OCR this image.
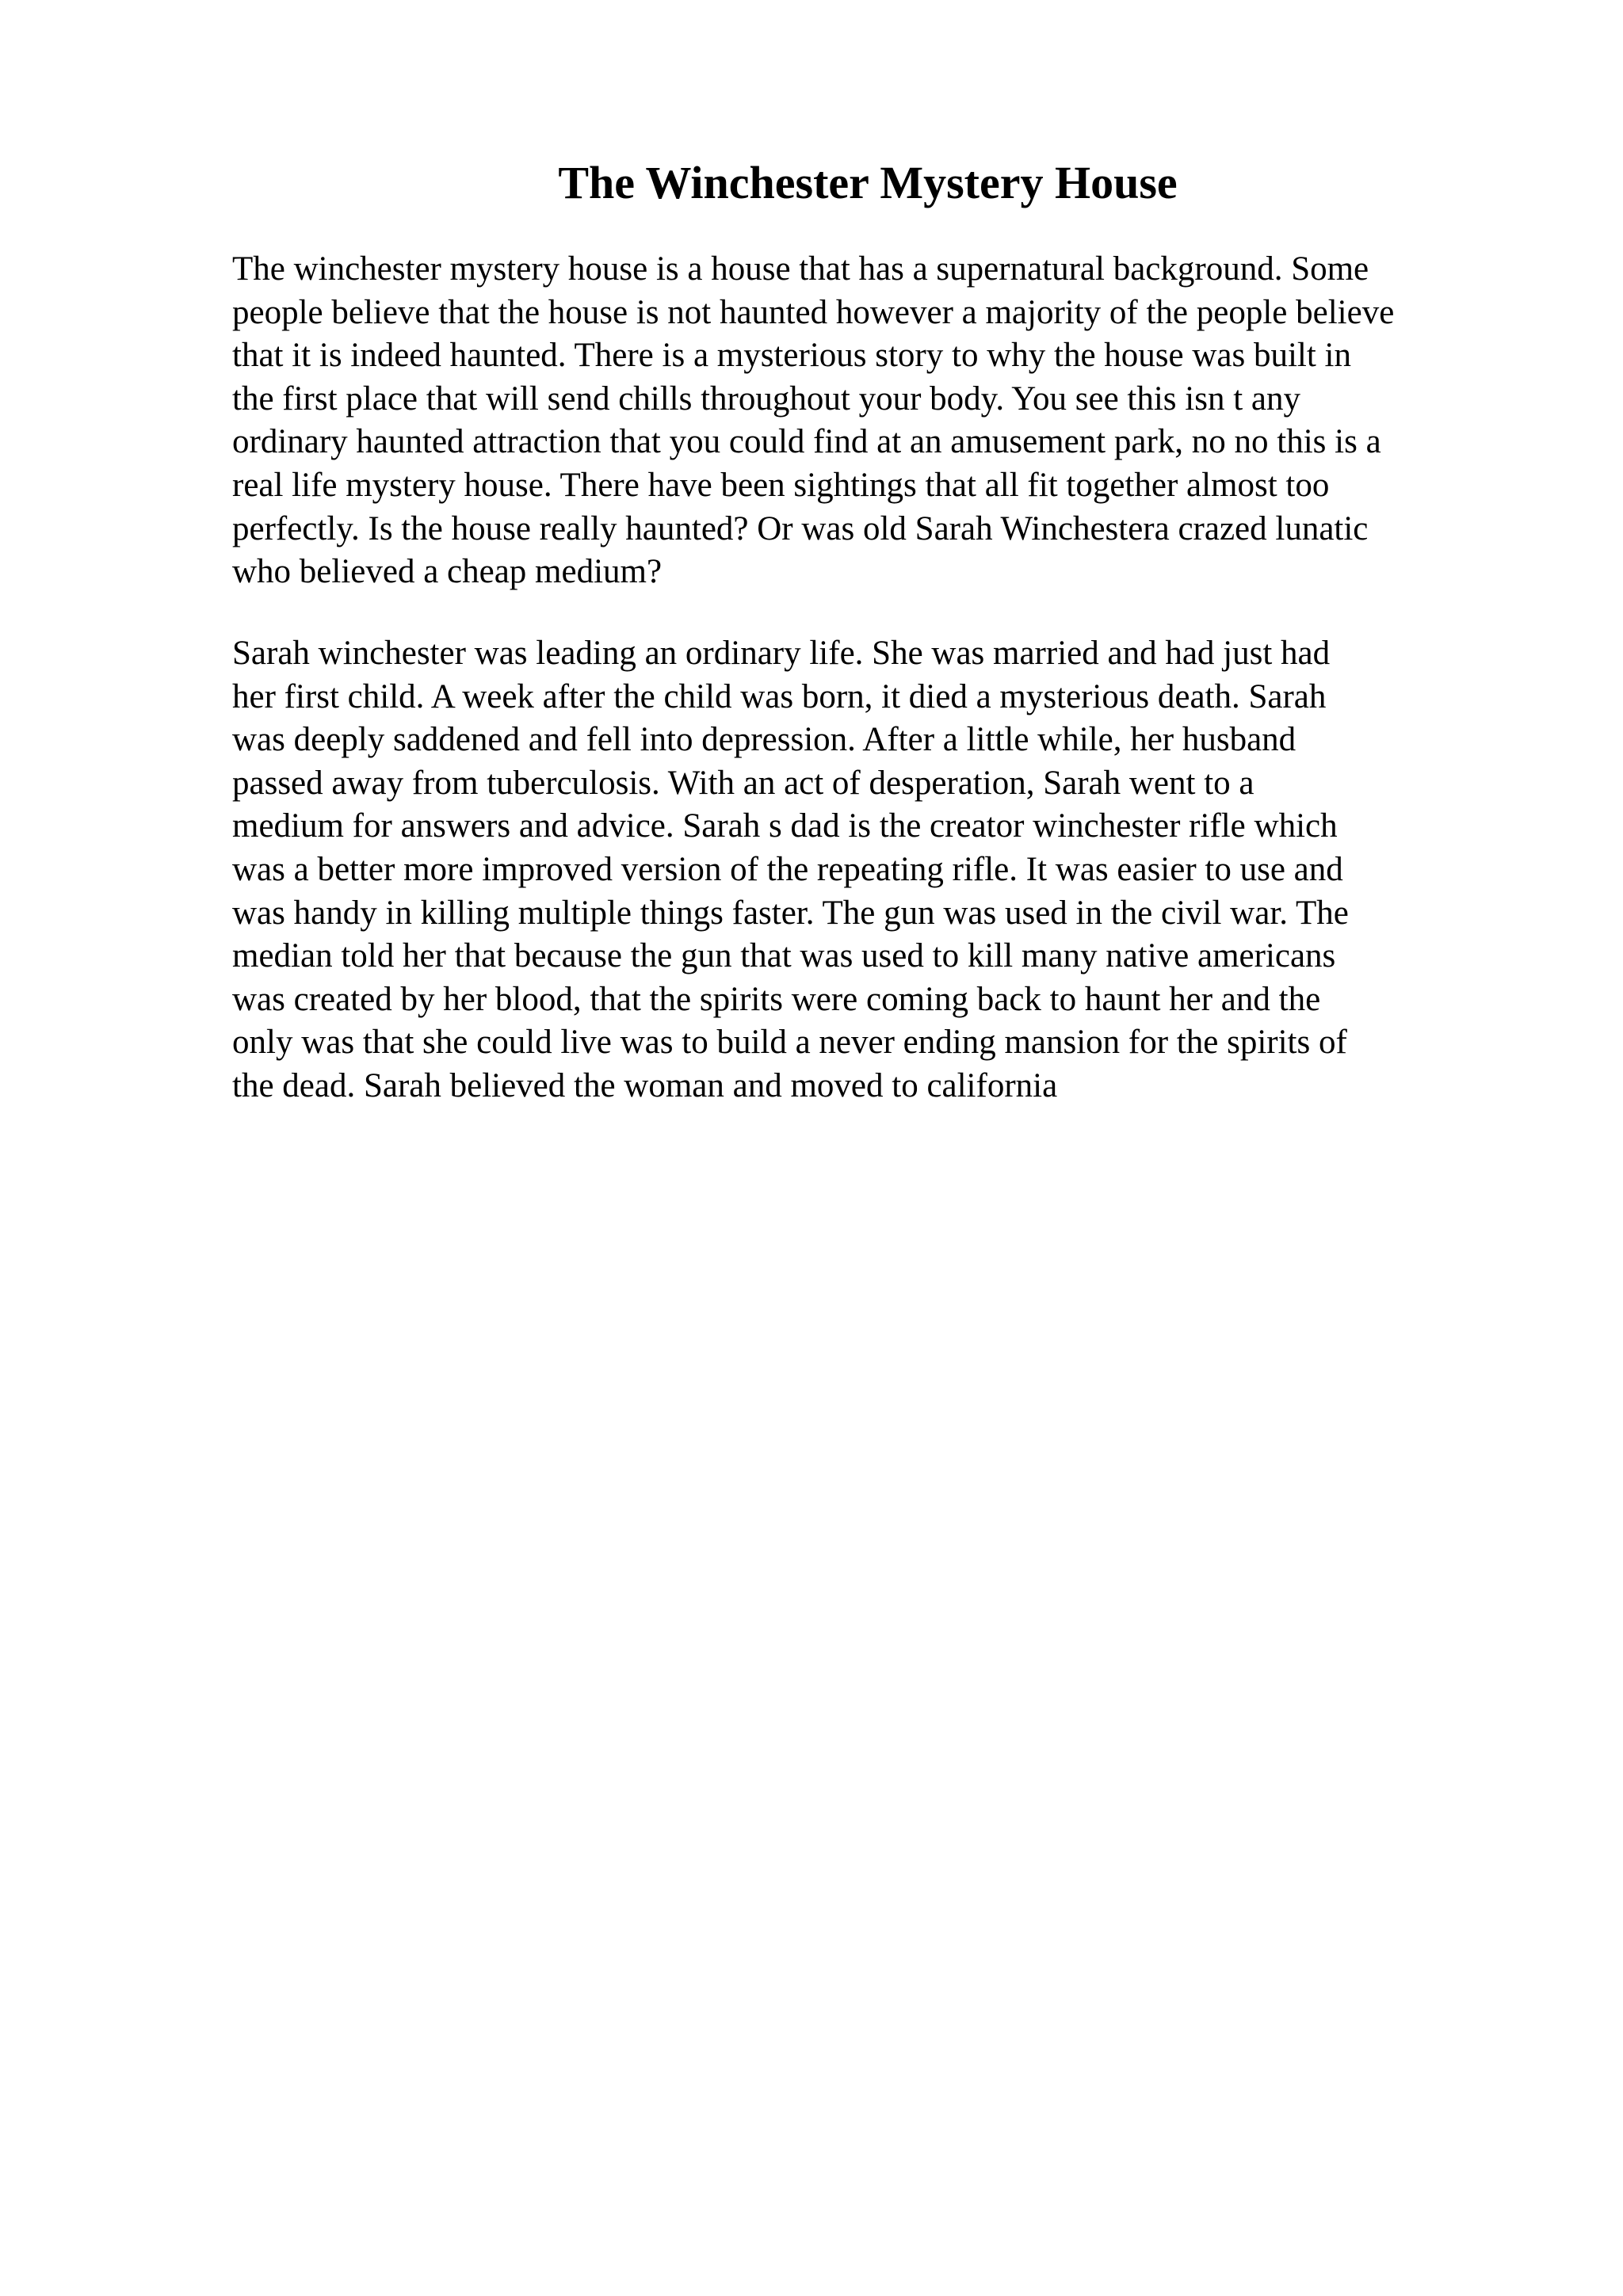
The Winchester Mystery House

The winchester mystery house is a house that has a supernatural background. Some
people believe that the house is not haunted however a majority of the people believe
that it is indeed haunted. There is a mysterious story to why the house was built in
the first place that will send chills throughout your body. You see this isn t any
ordinary haunted attraction that you could find at an amusement park, no no this is a
real life mystery house. There have been sightings that all fit together almost too
perfectly. Is the house really haunted? Or was old Sarah Winchestera crazed lunatic
who believed a cheap medium?

Sarah winchester was leading an ordinary life. She was married and had just had
her first child. A week after the child was born, it died a mysterious death. Sarah
was deeply saddened and fell into depression. After a little while, her husband
passed away from tuberculosis. With an act of desperation, Sarah went to a
medium for answers and advice. Sarah s dad is the creator winchester rifle which
was a better more improved version of the repeating rifle. It was easier to use and
was handy in killing multiple things faster. The gun was used in the civil war. The
median told her that because the gun that was used to kill many native americans
was created by her blood, that the spirits were coming back to haunt her and the
only was that she could live was to build a never ending mansion for the spirits of
the dead. Sarah believed the woman and moved to california
